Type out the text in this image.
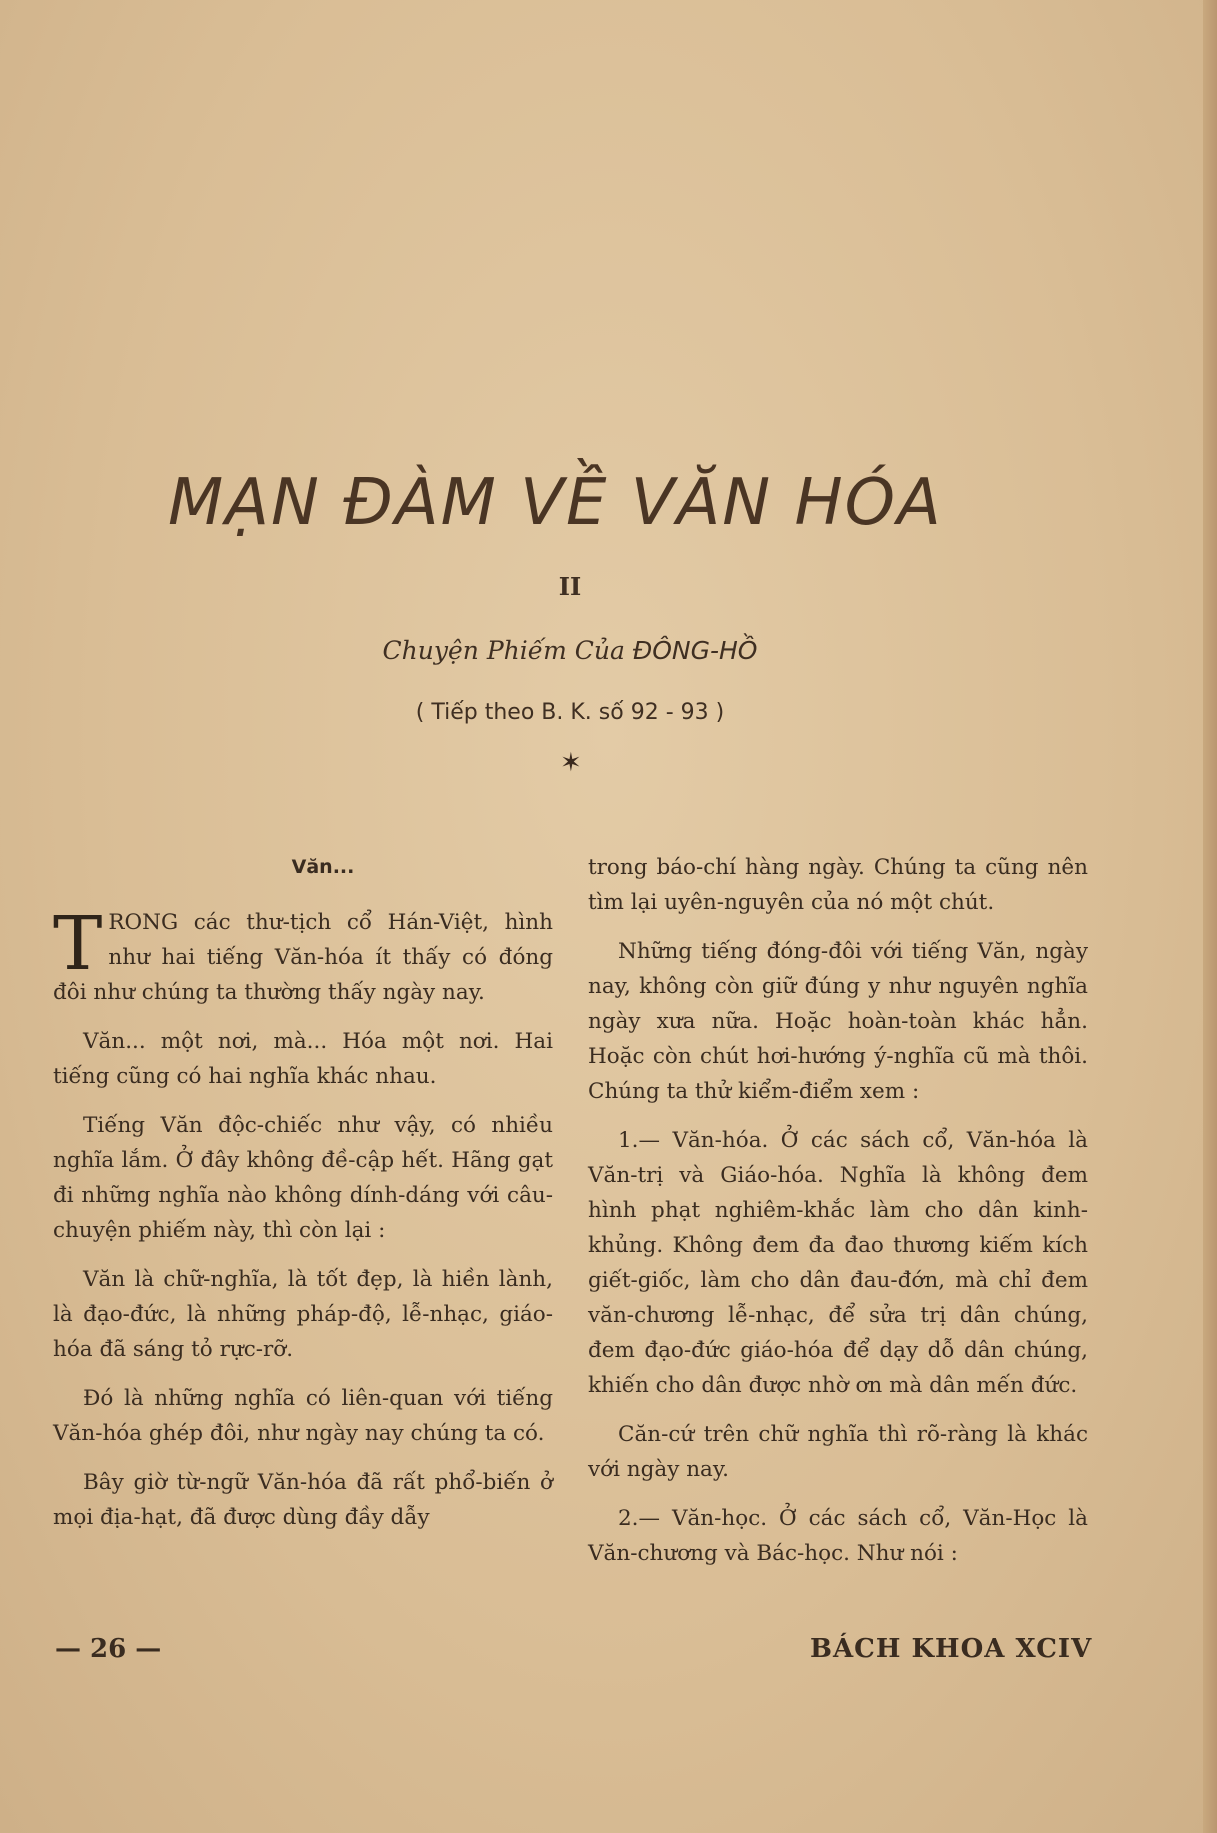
MẠN ĐÀM VỀ VĂN HÓA
II
Chuyện Phiếm Của ĐÔNG-HỒ
( Tiếp theo B. K. số 92 - 93 )
✶
Văn...

TRONG các thư-tịch cổ Hán-Việt, hình như hai tiếng Văn-hóa ít thấy có đóng đôi như chúng ta thường thấy ngày nay.

Văn... một nơi, mà... Hóa một nơi. Hai tiếng cũng có hai nghĩa khác nhau.

Tiếng Văn độc-chiếc như vậy, có nhiều nghĩa lắm. Ở đây không đề-cập hết. Hãng gạt đi những nghĩa nào không dính-dáng với câu-chuyện phiếm này, thì còn lại :

Văn là chữ-nghĩa, là tốt đẹp, là hiền lành, là đạo-đức, là những pháp-độ, lễ-nhạc, giáo-hóa đã sáng tỏ rực-rỡ.

Đó là những nghĩa có liên-quan với tiếng Văn-hóa ghép đôi, như ngày nay chúng ta có.

Bây giờ từ-ngữ Văn-hóa đã rất phổ-biến ở mọi địa-hạt, đã được dùng đầy dẫy

trong báo-chí hàng ngày. Chúng ta cũng nên tìm lại uyên-nguyên của nó một chút.

Những tiếng đóng-đôi với tiếng Văn, ngày nay, không còn giữ đúng y như nguyên nghĩa ngày xưa nữa. Hoặc hoàn-toàn khác hẳn. Hoặc còn chút hơi-hướng ý-nghĩa cũ mà thôi. Chúng ta thử kiểm-điểm xem :

1.— Văn-hóa. Ở các sách cổ, Văn-hóa là Văn-trị và Giáo-hóa. Nghĩa là không đem hình phạt nghiêm-khắc làm cho dân kinh-khủng. Không đem đa đao thương kiếm kích giết-giốc, làm cho dân đau-đớn, mà chỉ đem văn-chương lễ-nhạc, để sửa trị dân chúng, đem đạo-đức giáo-hóa để dạy dỗ dân chúng, khiến cho dân được nhờ ơn mà dân mến đức.

Căn-cứ trên chữ nghĩa thì rõ-ràng là khác với ngày nay.

2.— Văn-học. Ở các sách cổ, Văn-Học là Văn-chương và Bác-học. Như nói :

— 26 —	BÁCH KHOA XCIV
